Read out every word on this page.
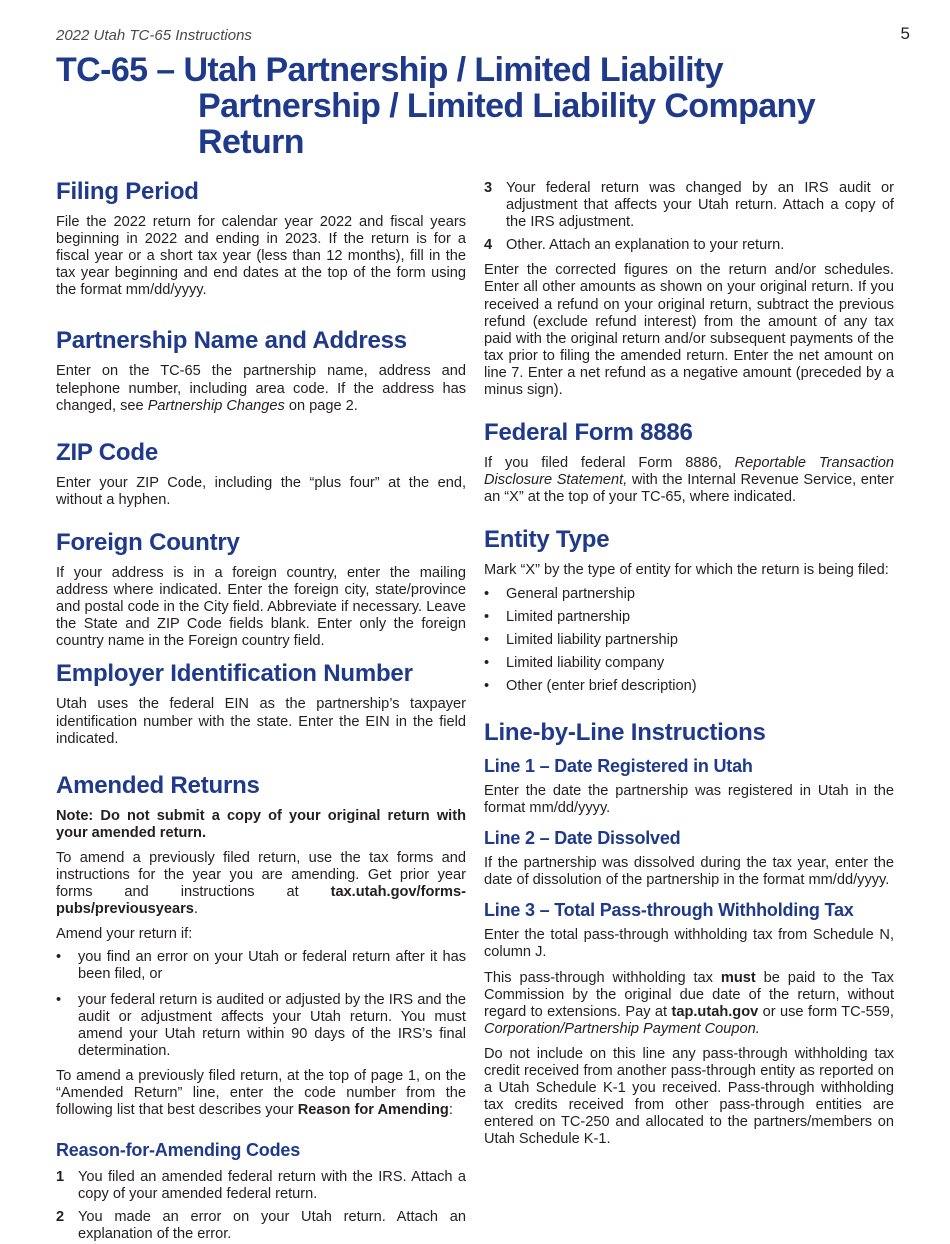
2022 Utah TC-65 Instructions	5
TC-65 – Utah Partnership / Limited Liability
Partnership / Limited Liability Company
Return
Filing Period

File the 2022 return for calendar year 2022 and fiscal years beginning in 2022 and ending in 2023. If the return is for a fiscal year or a short tax year (less than 12 months), fill in the tax year beginning and end dates at the top of the form using the format mm/dd/yyyy.

Partnership Name and Address

Enter on the TC-65 the partnership name, address and telephone number, including area code. If the address has changed, see Partnership Changes on page 2.

ZIP Code

Enter your ZIP Code, including the “plus four” at the end, without a hyphen.

Foreign Country

If your address is in a foreign country, enter the mailing address where indicated. Enter the foreign city, state/province and postal code in the City field. Abbreviate if necessary. Leave the State and ZIP Code fields blank. Enter only the foreign country name in the Foreign country field.

Employer Identification Number

Utah uses the federal EIN as the partnership’s taxpayer identification number with the state. Enter the EIN in the field indicated.

Amended Returns

Note: Do not submit a copy of your original return with your amended return.

To amend a previously filed return, use the tax forms and instructions for the year you are amending. Get prior year forms and instructions at tax.utah.gov/forms-pubs/previousyears.

Amend your return if:

• you find an error on your Utah or federal return after it has been filed, or
• your federal return is audited or adjusted by the IRS and the audit or adjustment affects your Utah return. You must amend your Utah return within 90 days of the IRS’s final determination.

To amend a previously filed return, at the top of page 1, on the “Amended Return” line, enter the code number from the following list that best describes your Reason for Amending:

Reason-for-Amending Codes
1 You filed an amended federal return with the IRS. Attach a copy of your amended federal return.
2 You made an error on your Utah return. Attach an explanation of the error.
3 Your federal return was changed by an IRS audit or adjustment that affects your Utah return. Attach a copy of the IRS adjustment.
4 Other. Attach an explanation to your return.

Enter the corrected figures on the return and/or schedules. Enter all other amounts as shown on your original return. If you received a refund on your original return, subtract the previous refund (exclude refund interest) from the amount of any tax paid with the original return and/or subsequent payments of the tax prior to filing the amended return. Enter the net amount on line 7. Enter a net refund as a negative amount (preceded by a minus sign).

Federal Form 8886

If you filed federal Form 8886, Reportable Transaction Disclosure Statement, with the Internal Revenue Service, enter an “X” at the top of your TC-65, where indicated.

Entity Type

Mark “X” by the type of entity for which the return is being filed:

• General partnership
• Limited partnership
• Limited liability partnership
• Limited liability company
• Other (enter brief description)
Line-by-Line Instructions
Line 1 – Date Registered in Utah

Enter the date the partnership was registered in Utah in the format mm/dd/yyyy.

Line 2 – Date Dissolved

If the partnership was dissolved during the tax year, enter the date of dissolution of the partnership in the format mm/dd/yyyy.

Line 3 – Total Pass-through Withholding Tax

Enter the total pass-through withholding tax from Schedule N, column J.

This pass-through withholding tax must be paid to the Tax Commission by the original due date of the return, without regard to extensions. Pay at tap.utah.gov or use form TC-559, Corporation/Partnership Payment Coupon.

Do not include on this line any pass-through withholding tax credit received from another pass-through entity as reported on a Utah Schedule K-1 you received. Pass-through withholding tax credits received from other pass-through entities are entered on TC-250 and allocated to the partners/members on Utah Schedule K-1.
